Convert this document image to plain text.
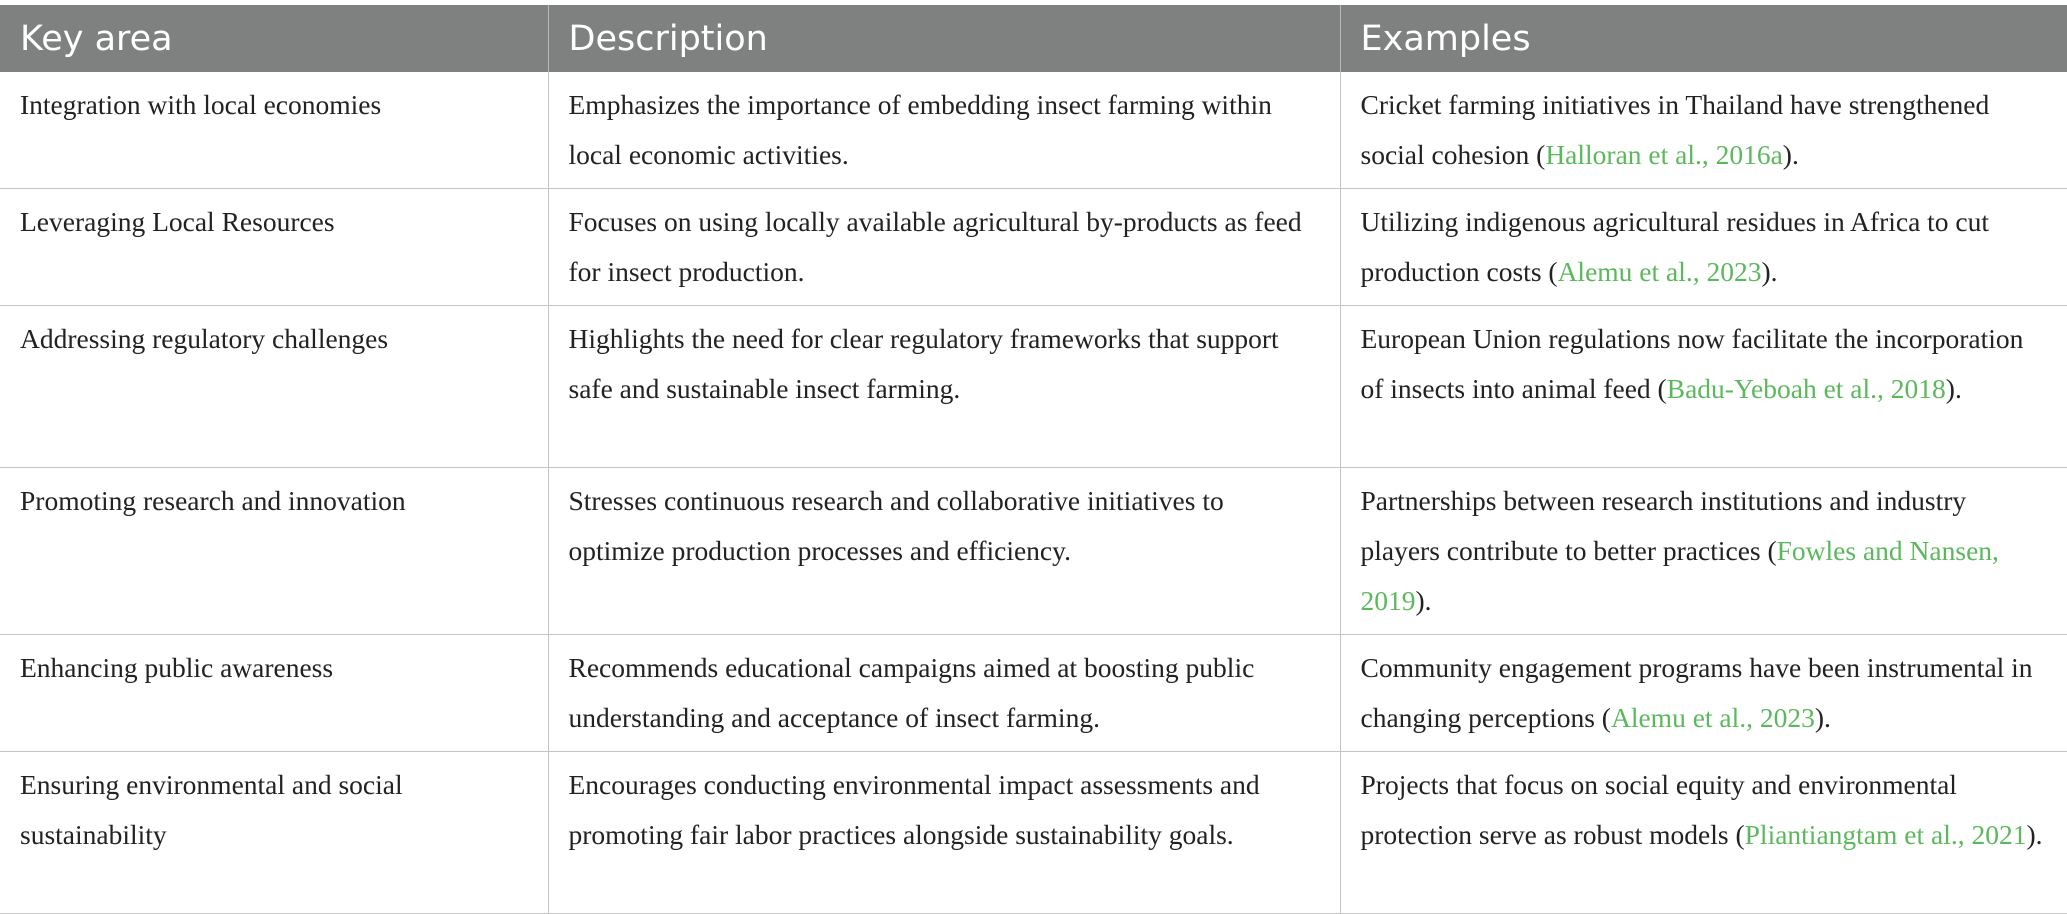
Key area	Description	Examples
Integration with local economies	Emphasizes the importance of embedding insect farming within local economic activities.	Cricket farming initiatives in Thailand have strengthened social cohesion (Halloran et al., 2016a).
Leveraging Local Resources	Focuses on using locally available agricultural by-products as feed for insect production.	Utilizing indigenous agricultural residues in Africa to cut production costs (Alemu et al., 2023).
Addressing regulatory challenges	Highlights the need for clear regulatory frameworks that support safe and sustainable insect farming.	European Union regulations now facilitate the incorporation of insects into animal feed (Badu-Yeboah et al., 2018).
Promoting research and innovation	Stresses continuous research and collaborative initiatives to optimize production processes and efficiency.	Partnerships between research institutions and industry players contribute to better practices (Fowles and Nansen, 2019).
Enhancing public awareness	Recommends educational campaigns aimed at boosting public understanding and acceptance of insect farming.	Community engagement programs have been instrumental in changing perceptions (Alemu et al., 2023).
Ensuring environmental and social sustainability	Encourages conducting environmental impact assessments and promoting fair labor practices alongside sustainability goals.	Projects that focus on social equity and environmental protection serve as robust models (Pliantiangtam et al., 2021).
